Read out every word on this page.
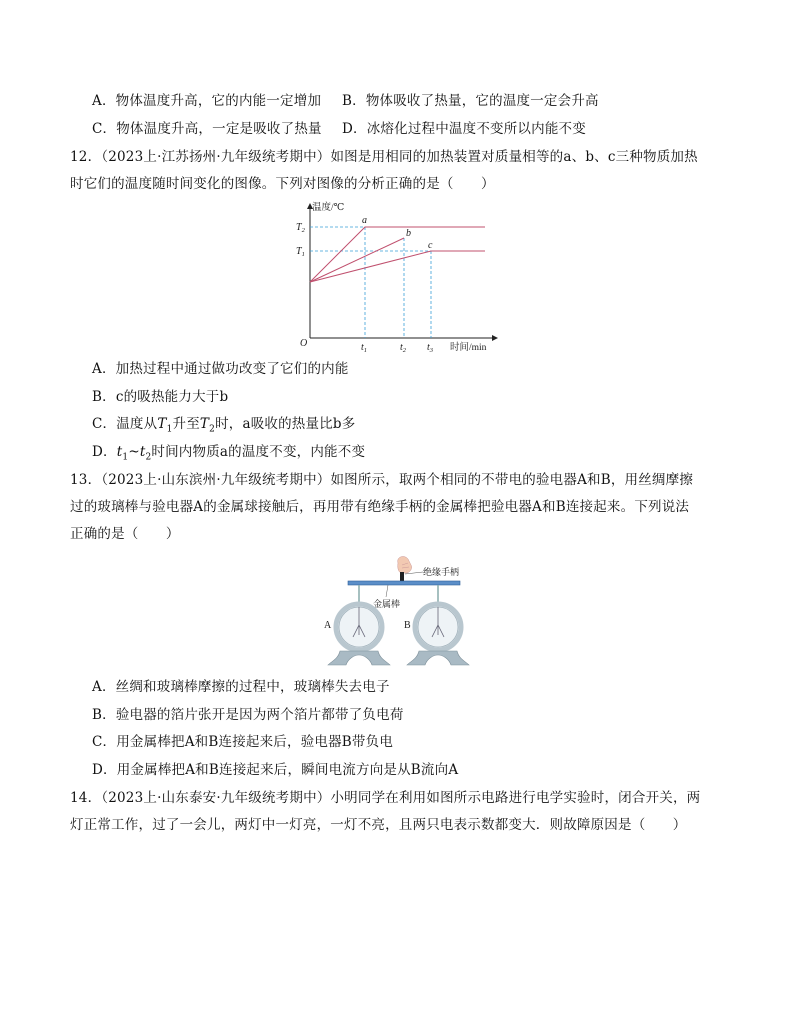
A．物体温度升高，它的内能一定增加 B．物体吸收了热量，它的温度一定会升高
C．物体温度升高，一定是吸收了热量 D．冰熔化过程中温度不变所以内能不变
12．（2023上·江苏扬州·九年级统考期中）如图是用相同的加热装置对质量相等的a、b、c三种物质加热
时它们的温度随时间变化的图像。下列对图像的分析正确的是（　　）
温度/℃
时间/min
O
$T_2$
$T_1$
$t_1$	$t_2$ $t_3$
a
b
c
A．加热过程中通过做功改变了它们的内能
B．c的吸热能力大于b
C．温度从$T_1$升至$T_2$时，a吸收的热量比b多
D．$t_1\sim t_2$时间内物质a的温度不变，内能不变
13．（2023上·山东滨州·九年级统考期中）如图所示，取两个相同的不带电的验电器A和B，用丝绸摩擦
过的玻璃棒与验电器A的金属球接触后，再用带有绝缘手柄的金属棒把验电器A和B连接起来。下列说法
正确的是（　　）
绝缘手柄
金属棒
A	B
A．丝绸和玻璃棒摩擦的过程中，玻璃棒失去电子
B．验电器的箔片张开是因为两个箔片都带了负电荷
C．用金属棒把A和B连接起来后，验电器B带负电
D．用金属棒把A和B连接起来后，瞬间电流方向是从B流向A
14．（2023上·山东泰安·九年级统考期中）小明同学在利用如图所示电路进行电学实验时，闭合开关，两
灯正常工作，过了一会儿，两灯中一灯亮，一灯不亮，且两只电表示数都变大．则故障原因是（　　）
